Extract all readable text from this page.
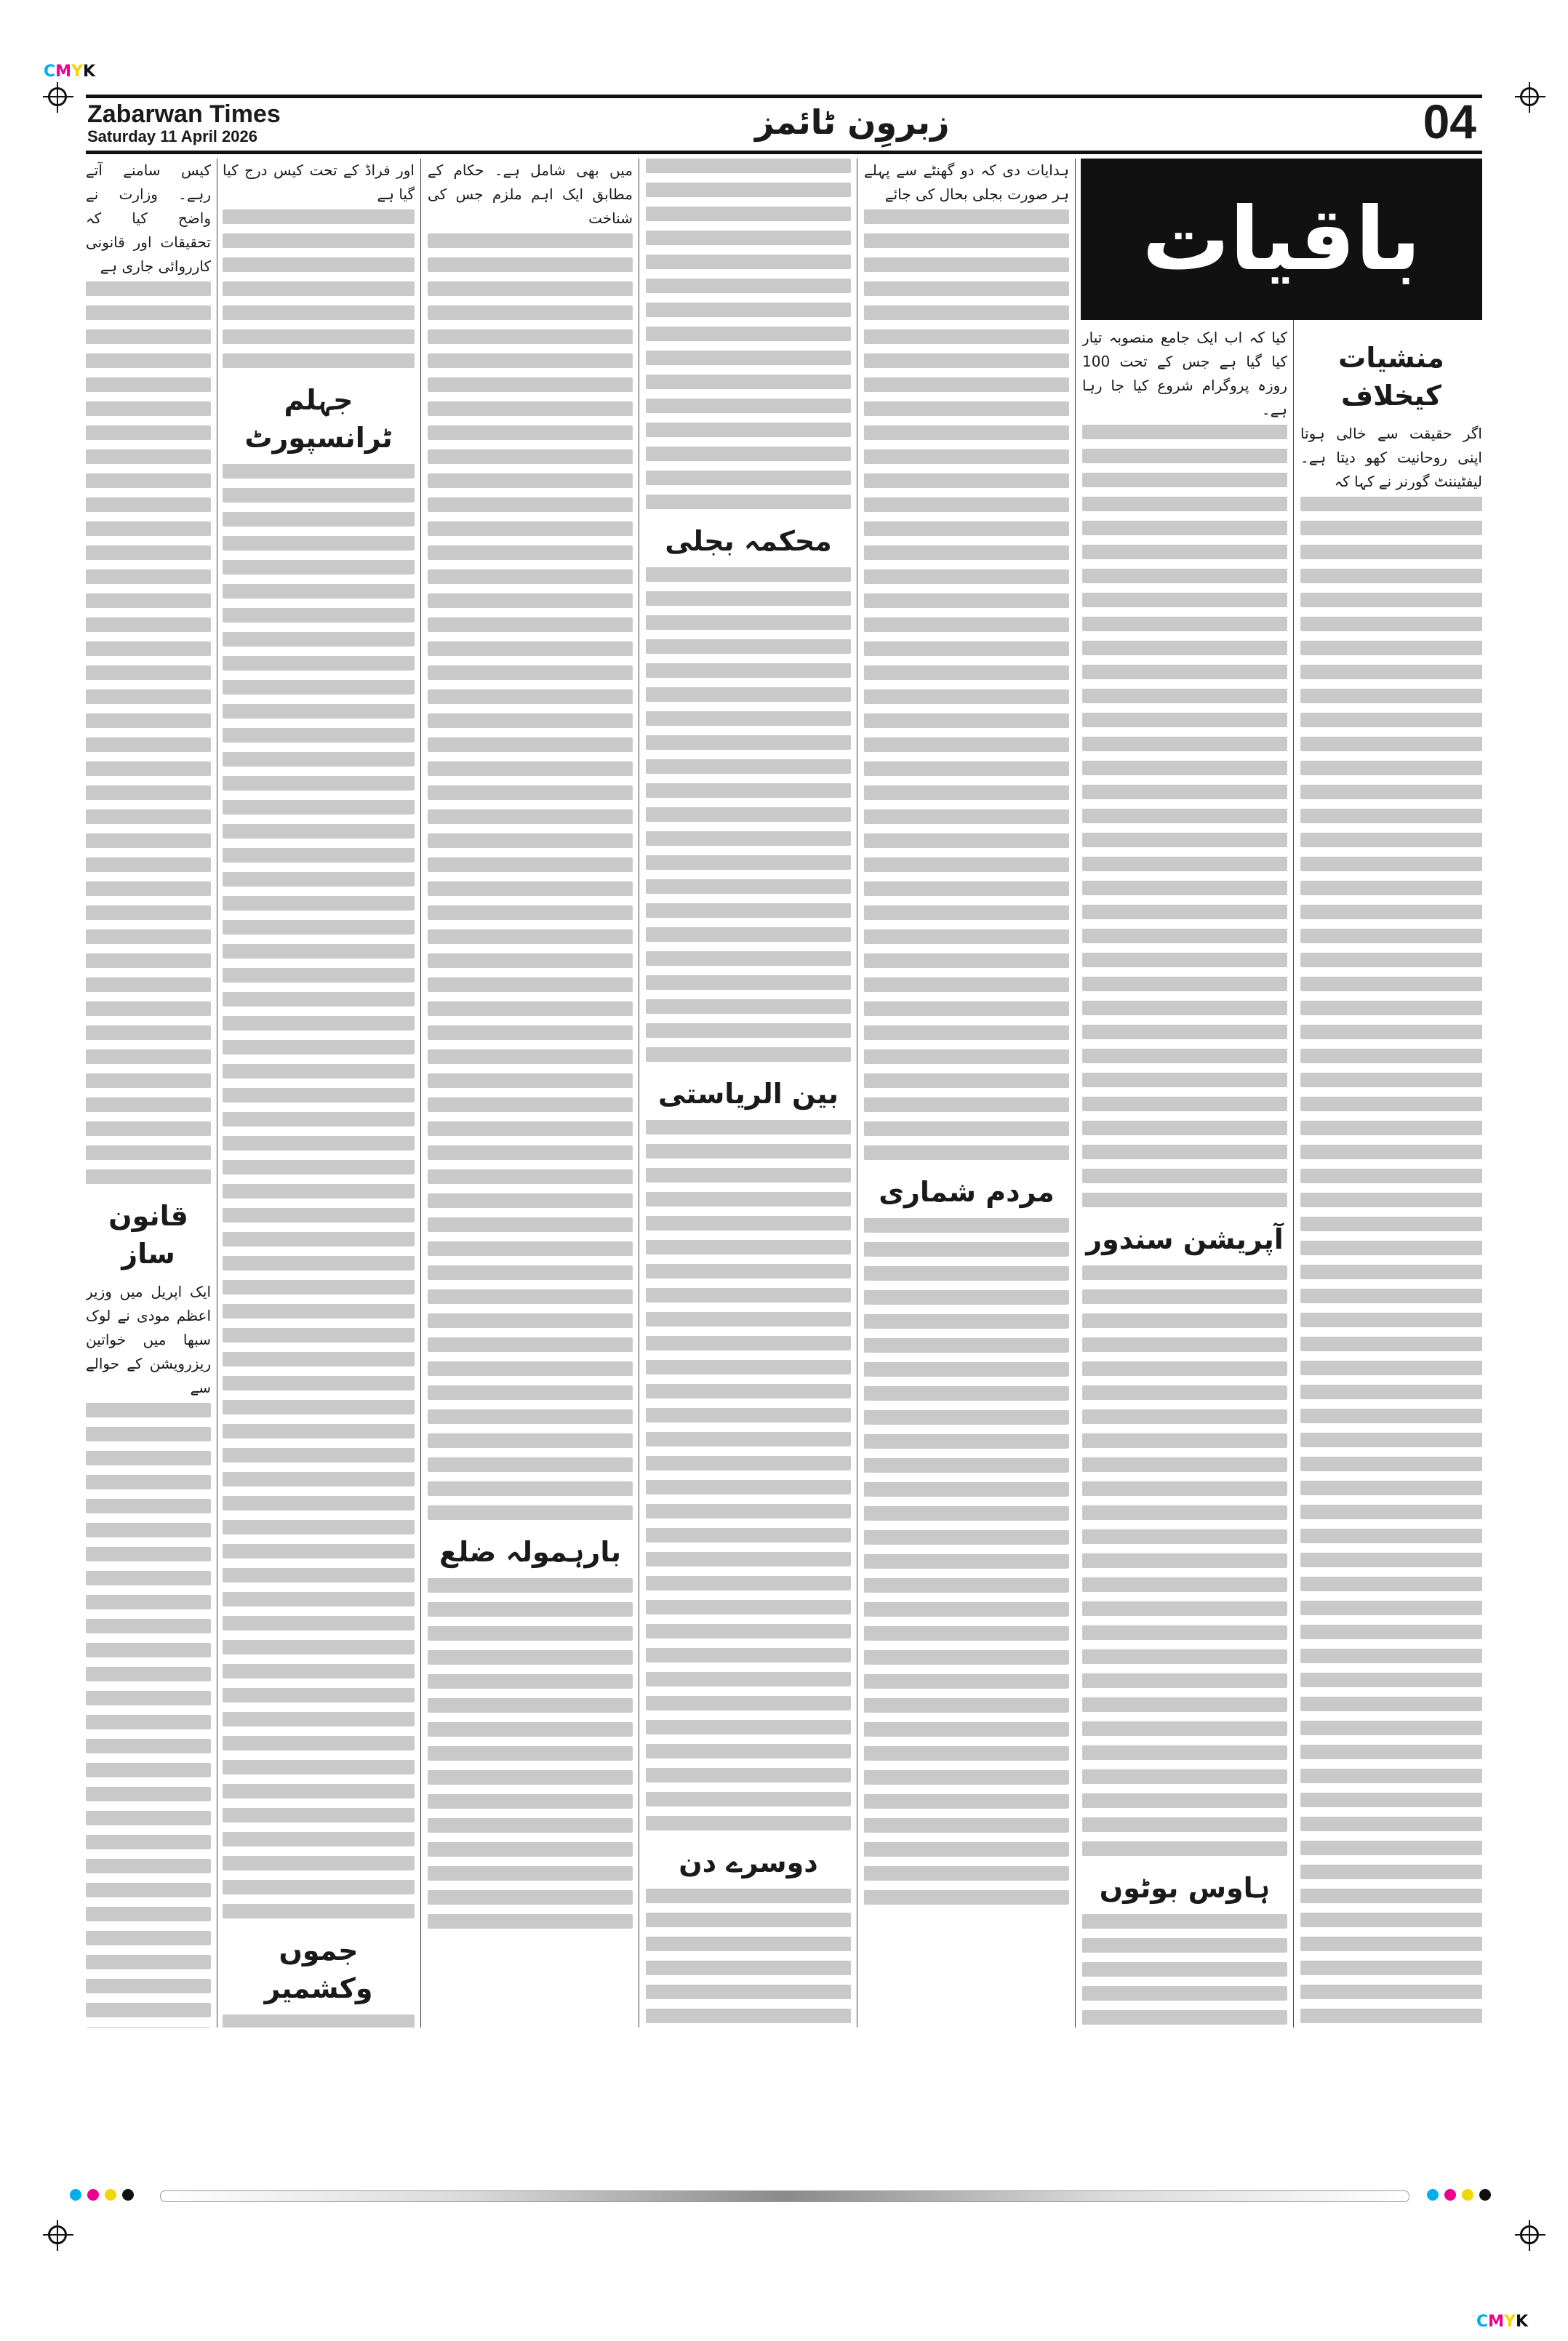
CMYK
CMYK
Zabarwan Times
Saturday 11 April 2026	زبروِن ٹائمز	04
باقیات
منشیات کیخلاف

اگر حقیقت سے خالی ہوتا اپنی روحانیت کھو دیتا ہے۔ لیفٹیننٹ گورنر نے کہا کہ

کیا کہ اب ایک جامع منصوبہ تیار کیا گیا ہے جس کے تحت 100 روزہ پروگرام شروع کیا جا رہا ہے۔

آپریشن سندور
ہاوس بوٹوں

ہدایات دی کہ دو گھنٹے سے پہلے ہر صورت بجلی بحال کی جائے

مردم شماری
محکمہ بجلی
بین الریاستی
دوسرے دن

میں بھی شامل ہے۔ حکام کے مطابق ایک اہم ملزم جس کی شناخت

بارہمولہ ضلع

اور فراڈ کے تحت کیس درج کیا گیا ہے

جہلم ٹرانسپورٹ
جموں وکشمیر

کیس سامنے آتے رہے۔ وزارت نے واضح کیا کہ تحقیقات اور قانونی کارروائی جاری ہے

قانون ساز

ایک اپریل میں وزیر اعظم مودی نے لوک سبھا میں خواتین ریزرویشن کے حوالے سے
